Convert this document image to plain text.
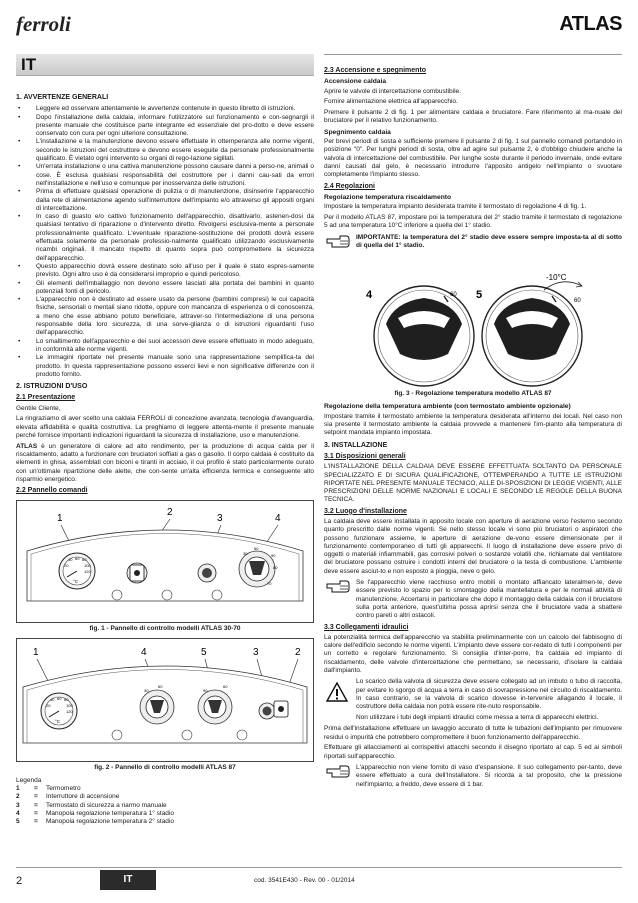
ferroli	ATLAS
IT
1. AVVERTENZE GENERALI
• Leggere ed osservare attentamente le avvertenze contenute in questo libretto di istruzioni.
• Dopo l'installazione della caldaia, informare l'utilizzatore sul funzionamento e con-segnargli il presente manuale che costituisce parte integrante ed essenziale del pro-dotto e deve essere conservato con cura per ogni ulteriore consultazione.
• L'installazione e la manutenzione devono essere effettuate in ottemperanza alle norme vigenti, secondo le istruzioni del costruttore e devono essere eseguite da personale professionalmente qualificato. È vietato ogni intervento su organi di rego-lazione sigillati.
• Un'errata installazione o una cattiva manutenzione possono causare danni a perso-ne, animali o cose. È esclusa qualsiasi responsabilità del costruttore per i danni cau-sati da errori nell'installazione e nell'uso e comunque per inosservanza delle istruzioni.
• Prima di effettuare qualsiasi operazione di pulizia o di manutenzione, disinserire l'apparecchio dalla rete di alimentazione agendo sull'interruttore dell'impianto e/o attraverso gli appositi organi di intercettazione.
• In caso di guasto e/o cattivo funzionamento dell'apparecchio, disattivarlo, astenen-dosi da qualsiasi tentativo di riparazione o d'intervento diretto. Rivolgersi esclusiva-mente a personale professionalmente qualificato. L'eventuale riparazione-sostituzione dei prodotti dovrà essere effettuata solamente da personale professio-nalmente qualificato utilizzando esclusivamente ricambi originali. Il mancato rispetto di quanto sopra può compromettere la sicurezza dell'apparecchio.
• Questo apparecchio dovrà essere destinato solo all'uso per il quale è stato espres-samente previsto. Ogni altro uso è da considerarsi improprio e quindi pericoloso.
• Gli elementi dell'imballaggio non devono essere lasciati alla portata dei bambini in quanto potenziali fonti di pericolo.
• L'apparecchio non è destinato ad essere usato da persone (bambini compresi) le cui capacità fisiche, sensoriali o mentali siano ridotte, oppure con mancanza di esperienza o di conoscenza, a meno che esse abbiano potuto beneficiare, attraver-so l'intermediazione di una persona responsabile della loro sicurezza, di una sorve-glianza o di istruzioni riguardanti l'uso dell'apparecchio.
• Lo smaltimento dell'apparecchio e dei suoi accessori deve essere effettuato in modo adeguato, in conformità alle norme vigenti.
• Le immagini riportate nel presente manuale sono una rappresentazione semplifica-ta del prodotto. In questa rappresentazione possono esserci lievi e non significative differenze con il prodotto fornito.
2. ISTRUZIONI D'USO
2.1 Presentazione

Gentile Cliente,

La ringraziamo di aver scelto una caldaia FERROLI di concezione avanzata, tecnologia d'avanguardia, elevata affidabilità e qualità costruttiva. La preghiamo di leggere attenta-mente il presente manuale perché fornisce importanti indicazioni riguardanti la sicurezza di installazione, uso e manutenzione.

ATLAS è un generatore di calore ad alto rendimento, per la produzione di acqua calda per il riscaldamento, adatto a funzionare con bruciatori soffiati a gas o gasolio. Il corpo caldaia è costituito da elementi in ghisa, assemblati con biconi e tiranti in acciaio, il cui profilo è stato particolarmente curato con un'ottimale ripartizione delle alette, che con-sente un'alta efficienza termica e conseguente alto risparmio energetico.

2.2 Pannello comandi
1
2
3	4
20
40 60 80
100
120
°C
30
60
90
80
70
fig. 1 - Pannello di controllo modelli ATLAS 30-70
1	4	5	3	2
20
40 60 80
100
120
°C
30
60
90
60
fig. 2 - Pannello di controllo modelli ATLAS 87
Legenda
1	=	Termometro
2	=	Interruttore di accensione
3	=	Termostato di sicurezza a riarmo manuale
4	=	Manopola regolazione temperatura 1° stadio
5	=	Manopola regolazione temperatura 2° stadio
2.3 Accensione e spegnimento
Accensione caldaia

Aprire le valvole di intercettazione combustibile.

Fornire alimentazione elettrica all'apparecchio.

Premere il pulsante 2 di fig. 1 per alimentare caldaia e bruciatore. Fare riferimento al ma-nuale del bruciatore per il relativo funzionamento.

Spegnimento caldaia

Per brevi periodi di sosta è sufficiente premere il pulsante 2 di fig. 1 sul pannello comandi portandolo in posizione "0". Per lunghi periodi di sosta, oltre ad agire sul pulsante 2, è d'obbligo chiudere anche la valvola di intercettazione del combustibile. Per lunghe soste durante il periodo invernale, onde evitare danni causati dal gelo, è necessario introdurre l'apposito antigelo nell'impianto o svuotare completamente l'impianto stesso.

2.4 Regolazioni
Regolazione temperatura riscaldamento

Impostare la temperatura impianto desiderata tramite il termostato di regolazione 4 di fig. 1.

Per il modello ATLAS 87, impostare poi la temperatura del 2° stadio tramite il termostato di regolazione 5 ad una temperatura 10°C inferiore a quella del 1° stadio.

IMPORTANTE: la temperatura del 2° stadio deve essere sempre imposta-ta al di sotto di quella del 1° stadio.
4	5
60
60
-10°C
fig. 3 - Regolazione temperatura modello ATLAS 87
Regolazione della temperatura ambiente (con termostato ambiente opzionale)

Impostare tramite il termostato ambiente la temperatura desiderata all'interno dei locali. Nel caso non sia presente il termostato ambiente la caldaia provvede a mantenere l'im-pianto alla temperatura di setpoint mandata impianto impostata.

3. INSTALLAZIONE
3.1 Disposizioni generali

L'INSTALLAZIONE DELLA CALDAIA DEVE ESSERE EFFETTUATA SOLTANTO DA PERSONALE SPECIALIZZATO E DI SICURA QUALIFICAZIONE, OTTEMPERANDO A TUTTE LE ISTRUZIONI RIPORTATE NEL PRESENTE MANUALE TECNICO, ALLE DI-SPOSIZIONI DI LEGGE VIGENTI, ALLE PRESCRIZIONI DELLE NORME NAZIONALI E LOCALI E SECONDO LE REGOLE DELLA BUONA TECNICA.

3.2 Luogo d'installazione

La caldaia deve essere installata in apposito locale con aperture di aerazione verso l'esterno secondo quanto prescritto dalle norme vigenti. Se nello stesso locale vi sono più bruciatori o aspiratori che possono funzionare assieme, le aperture di aerazione de-vono essere dimensionate per il funzionamento contemporaneo di tutti gli apparecchi. Il luogo di installazione deve essere privo di oggetti o materiali infiammabili, gas corrosivi polveri o sostanze volatili che, richiamate dal ventilatore del bruciatore possano ostruire i condotti interni del bruciatore o la testa di combustione. L'ambiente deve essere asciut-to e non esposto a pioggia, neve o gelo.

Se l'apparecchio viene racchiuso entro mobili o montato affiancato lateralmen-te, deve essere previsto lo spazio per lo smontaggio della mantellatura e per le normali attività di manutenzione. Accertarsi in particolare che dopo il montaggio della caldaia con il bruciatore sulla porta anteriore, quest'ultima possa aprirsi senza che il bruciatore vada a sbattere contro pareti o altri ostacoli.
3.3 Collegamenti idraulici

La potenzialità termica dell'apparecchio va stabilita preliminarmente con un calcolo del fabbisogno di calore dell'edificio secondo le norme vigenti. L'impianto deve essere cor-redato di tutti i componenti per un corretto e regolare funzionamento. Si consiglia d'inter-porre, fra caldaia ed impianto di riscaldamento, delle valvole d'intercettazione che permettano, se necessario, d'isolare la caldaia dall'impianto.

Lo scarico della valvola di sicurezza deve essere collegato ad un imbuto o tubo di raccolta, per evitare lo sgorgo di acqua a terra in caso di sovrapressione nel circuito di riscaldamento. In caso contrario, se la valvola di scarico dovesse in-tervenire allagando il locale, il costruttore della caldaia non potrà essere rite-nuto responsabile.

Non utilizzare i tubi degli impianti idraulici come messa a terra di apparecchi elettrici.

Prima dell'installazione effettuare un lavaggio accurato di tutte le tubazioni dell'impianto per rimuovere residui o impurità che potrebbero compromettere il buon funzionamento dell'apparecchio.

Effettuare gli allacciamenti ai corrispettivi attacchi secondo il disegno riportato al cap. 5 ed ai simboli riportati sull'apparecchio.

L'apparecchio non viene fornito di vaso d'espansione. Il suo collegamento per-tanto, deve essere effettuato a cura dell'Installatore. Si ricorda a tal proposito, che la pressione nell'impianto, a freddo, deve essere di 1 bar.
2	IT	cod. 3541E430 - Rev. 00 - 01/2014
